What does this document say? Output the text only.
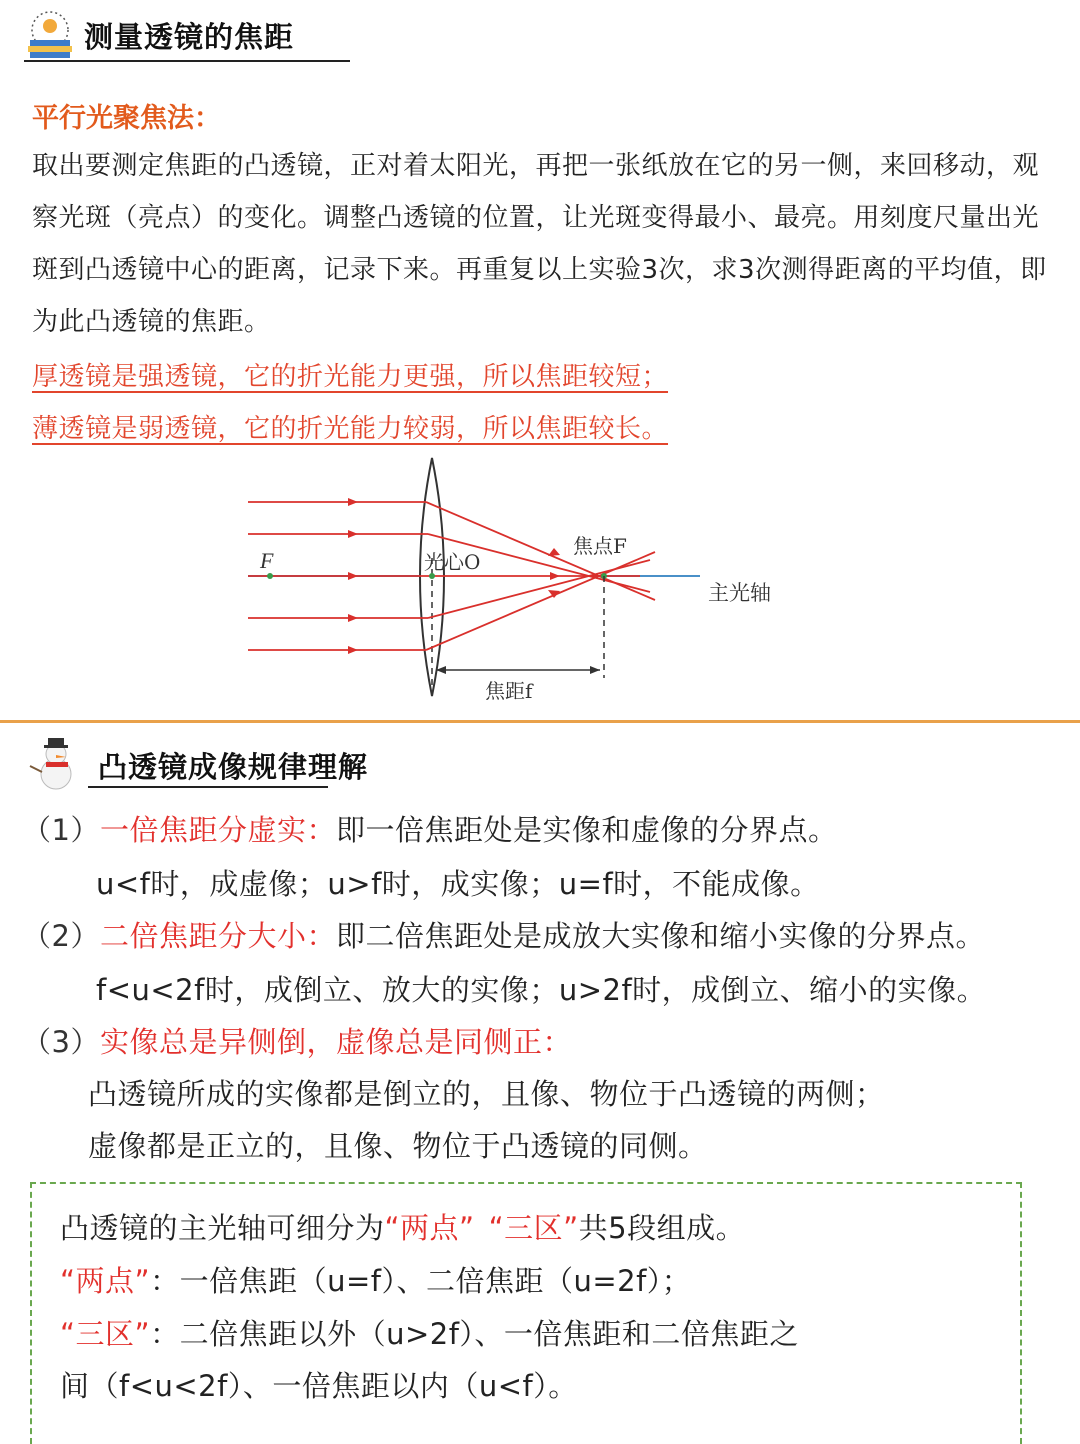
测量透镜的焦距
平行光聚焦法：
取出要测定焦距的凸透镜，正对着太阳光，再把一张纸放在它的另一侧，来回移动，观察光斑（亮点）的变化。调整凸透镜的位置，让光斑变得最小、最亮。用刻度尺量出光斑到凸透镜中心的距离，记录下来。再重复以上实验3次，求3次测得距离的平均值，即为此凸透镜的焦距。
厚透镜是强透镜，它的折光能力更强，所以焦距较短；
薄透镜是弱透镜，它的折光能力较弱，所以焦距较长。
F	光心O
焦点F
主光轴
焦距f
凸透镜成像规律理解
（1）一倍焦距分虚实：即一倍焦距处是实像和虚像的分界点。
u<f时，成虚像；u>f时，成实像；u=f时，不能成像。
（2）二倍焦距分大小：即二倍焦距处是成放大实像和缩小实像的分界点。
f<u<2f时，成倒立、放大的实像；u>2f时，成倒立、缩小的实像。
（3）实像总是异侧倒，虚像总是同侧正：
凸透镜所成的实像都是倒立的，且像、物位于凸透镜的两侧；
虚像都是正立的，且像、物位于凸透镜的同侧。
凸透镜的主光轴可细分为“两点” “三区”共5段组成。
“两点”：一倍焦距（u=f）、二倍焦距（u=2f）；
“三区”：二倍焦距以外（u>2f）、一倍焦距和二倍焦距之
间（f<u<2f）、一倍焦距以内（u<f）。
